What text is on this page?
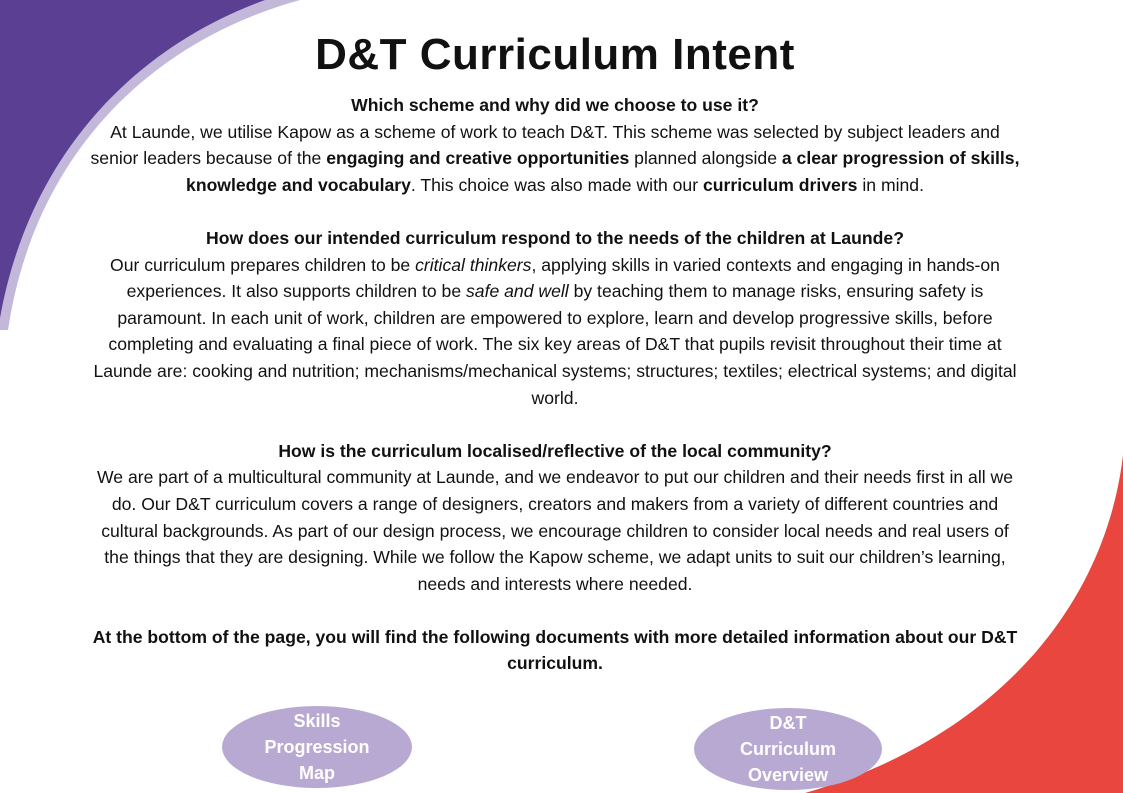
D&T Curriculum Intent

Which scheme and why did we choose to use it?

At Launde, we utilise Kapow as a scheme of work to teach D&T. This scheme was selected by subject leaders and senior leaders because of the engaging and creative opportunities planned alongside a clear progression of skills, knowledge and vocabulary. This choice was also made with our curriculum drivers in mind.

How does our intended curriculum respond to the needs of the children at Launde?

Our curriculum prepares children to be critical thinkers, applying skills in varied contexts and engaging in hands-on experiences. It also supports children to be safe and well by teaching them to manage risks, ensuring safety is paramount. In each unit of work, children are empowered to explore, learn and develop progressive skills, before completing and evaluating a final piece of work. The six key areas of D&T that pupils revisit throughout their time at Launde are: cooking and nutrition; mechanisms/mechanical systems; structures; textiles; electrical systems; and digital world.

How is the curriculum localised/reflective of the local community?

We are part of a multicultural community at Launde, and we endeavor to put our children and their needs first in all we do. Our D&T curriculum covers a range of designers, creators and makers from a variety of different countries and cultural backgrounds. As part of our design process, we encourage children to consider local needs and real users of the things that they are designing. While we follow the Kapow scheme, we adapt units to suit our children’s learning, needs and interests where needed.

At the bottom of the page, you will find the following documents with more detailed information about our D&T curriculum.

Skills
Progression
Map
D&T
Curriculum
Overview
